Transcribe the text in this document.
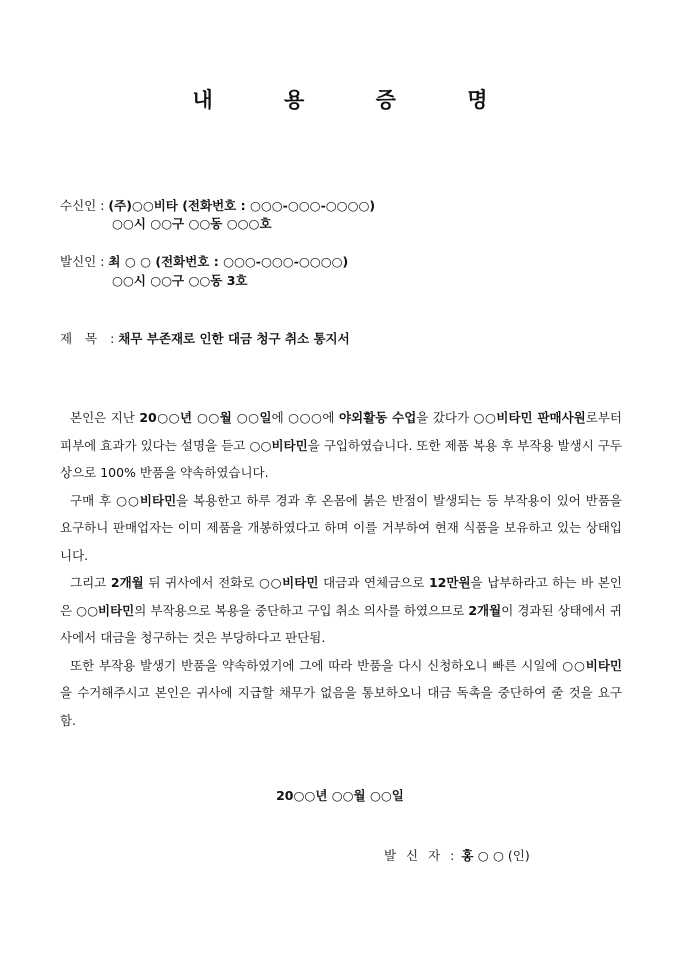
내 용 증 명
수신인 : (주)○○비타 (전화번호 : ○○○-○○○-○○○○)
○○시 ○○구 ○○동 ○○○호
발신인 : 최 ○ ○ (전화번호 : ○○○-○○○-○○○○)
○○시 ○○구 ○○동 3호
제 목 : 채무 부존재로 인한 대금 청구 취소 통지서

본인은 지난 20○○년 ○○월 ○○일에 ○○○에 야외활동 수업을 갔다가 ○○비타민 판매사원로부터 피부에 효과가 있다는 설명을 듣고 ○○비타민을 구입하였습니다. 또한 제품 복용 후 부작용 발생시 구두상으로 100% 반품을 약속하였습니다.

구매 후 ○○비타민을 복용한고 하루 경과 후 온몸에 붉은 반점이 발생되는 등 부작용이 있어 반품을 요구하니 판매업자는 이미 제품을 개봉하였다고 하며 이를 거부하여 현재 식품을 보유하고 있는 상태입니다.

그리고 2개월 뒤 귀사에서 전화로 ○○비타민 대금과 연체금으로 12만원을 납부하라고 하는 바 본인은 ○○비타민의 부작용으로 복용을 중단하고 구입 취소 의사를 하였으므로 2개월이 경과된 상태에서 귀사에서 대금을 청구하는 것은 부당하다고 판단됨.

또한 부작용 발생기 반품을 약속하였기에 그에 따라 반품을 다시 신청하오니 빠른 시일에 ○○비타민을 수거해주시고 본인은 귀사에 지급할 채무가 없음을 통보하오니 대금 독촉을 중단하여 줄 것을 요구함.

20○○년 ○○월 ○○일
발 신 자 : 홍 ○ ○ (인)
